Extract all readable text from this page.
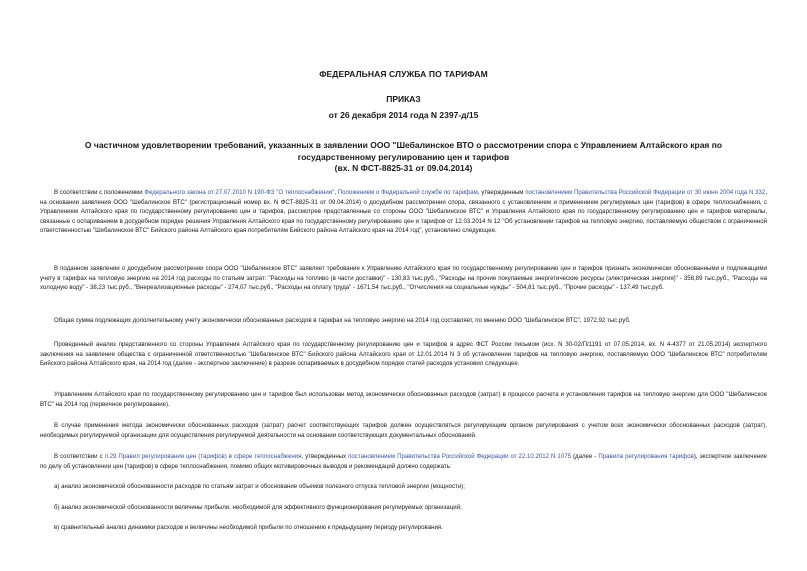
ФЕДЕРАЛЬНАЯ СЛУЖБА ПО ТАРИФАМ
ПРИКАЗ
от 26 декабря 2014 года N 2397-д/15
О частичном удовлетворении требований, указанных в заявлении ООО "Шебалинское ВТО о рассмотрении спора с Управлением Алтайского края по
государственному регулированию цен и тарифов
(вх. N ФСТ-8825-31 от 09.04.2014)

В соответствии с положениями Федерального закона от 27.07.2010 N 190-ФЗ "О теплоснабжении", Положением о Федеральной службе по тарифам, утвержденным постановлением Правительства Российской Федерации от 30 июня 2004 года N 332, на основании заявления ООО "Шебалинское ВТС" (регистрационный номер вх. N ФСТ-8825-31 от 09.04.2014) о досудебном рассмотрении спора, связанного с установлением и применением регулируемых цен (тарифов) в сфере теплоснабжения, с Управлением Алтайского края по государственному регулированию цен и тарифов, рассмотрев представленные со стороны ООО "Шебалинское ВТС" и Управления Алтайского края по государственному регулированию цен и тарифов материалы, связанные с оспариванием в досудебном порядке решения Управления Алтайского края по государственному регулированию цен и тарифов от 12.03.2014 N 12 "Об установлении тарифов на тепловую энергию, поставляемую обществом с ограниченной ответственностью "Шебалинское ВТС" Бийского района Алтайского края потребителям Бийского района Алтайского края на 2014 год", установлено следующее.

В поданном заявлении о досудебном рассмотрении спора ООО "Шебалинское ВТС" заявляет требование к Управлению Алтайского края по государственному регулированию цен и тарифов признать экономически обоснованными и подлежащими учету в тарифах на тепловую энергию на 2014 год расходы по статьям затрат: "Расходы на топливо (в части доставки)" - 130,83 тыс.руб., "Расходы на прочие покупаемые энергетические ресурсы (электрическая энергия)" - 358,89 тыс.руб., "Расходы на холодную воду" - 38,23 тыс.руб., "Внереализационные расходы" - 274,07 тыс.руб., "Расходы на оплату труда" - 1671,54 тыс.руб., "Отчисления на социальные нужды" - 504,81 тыс.руб., "Прочие расходы" - 137,49 тыс.руб.

Общая сумма подлежащих дополнительному учету экономически обоснованных расходов в тарифах на тепловую энергию на 2014 год составляет, по мнению ООО "Шебалинское ВТС", 1972,92 тыс.руб.

Проведенный анализ представленного со стороны Управления Алтайского края по государственному регулированию цен и тарифов в адрес ФСТ России письмом (исх. N 30-02/П/1191 от 07.05.2014, вх. N 4-4377 от 21.05.2014) экспертного заключения на заявление общества с ограниченной ответственностью "Шебалинское ВТС" Бийского района Алтайского края от 12.01.2014 N 3 об установлении тарифов на тепловую энергию, поставляемую ООО "Шебалинское ВТС" потребителям Бийского района Алтайского края, на 2014 год (далее - экспертное заключение) в разрезе оспариваемых в досудебном порядке статей расходов установил следующее.

Управлением Алтайского края по государственному регулированию цен и тарифов был использован метод экономически обоснованных расходов (затрат) в процессе расчета и установления тарифов на тепловую энергию для ООО "Шебалинское ВТС" на 2014 год (первичное регулирование).

В случае применения метода экономически обоснованных расходов (затрат) расчет соответствующих тарифов должен осуществляться регулирующим органом регулирования с учетом всех экономически обоснованных расходов (затрат), необходимых регулируемой организации для осуществления регулируемой деятельности на основании соответствующих документальных обоснований.

В соответствии с п.29 Правил регулирования цен (тарифов) в сфере теплоснабжения, утвержденных постановлением Правительства Российской Федерации от 22.10.2012 N 1075 (далее - Правила регулирования тарифов), экспертное заключение по делу об установлении цен (тарифов) в сфере теплоснабжения, помимо общих мотивировочных выводов и рекомендаций должно содержать:

а) анализ экономической обоснованности расходов по статьям затрат и обоснование объемов полезного отпуска тепловой энергии (мощности);

б) анализ экономической обоснованности величины прибыли, необходимой для эффективного функционирования регулируемых организаций;

в) сравнительный анализ динамики расходов и величины необходимой прибыли по отношению к предыдущему периоду регулирования.
